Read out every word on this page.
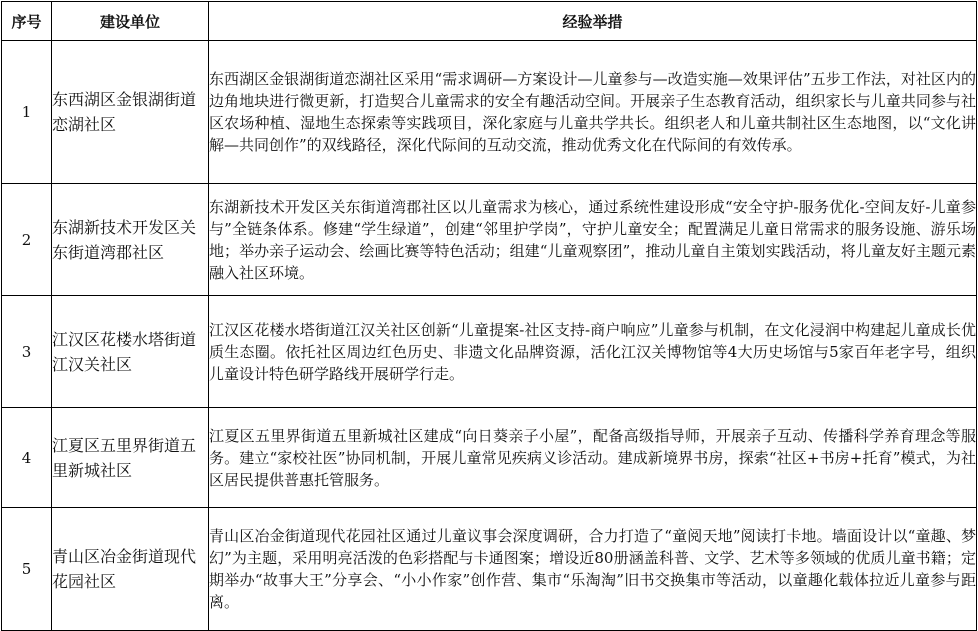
序号	建设单位	经验举措
1	东西湖区金银湖街道恋湖社区	东西湖区金银湖街道恋湖社区采用“需求调研—方案设计—儿童参与—改造实施—效果评估”五步工作法，对社区内的边角地块进行微更新，打造契合儿童需求的安全有趣活动空间。开展亲子生态教育活动，组织家长与儿童共同参与社区农场种植、湿地生态探索等实践项目，深化家庭与儿童共学共长。组织老人和儿童共制社区生态地图，以“文化讲解—共同创作”的双线路径，深化代际间的互动交流，推动优秀文化在代际间的有效传承。
2	东湖新技术开发区关东街道湾郡社区	东湖新技术开发区关东街道湾郡社区以儿童需求为核心，通过系统性建设形成“安全守护-服务优化-空间友好-儿童参与”全链条体系。修建“学生绿道”，创建“邻里护学岗”，守护儿童安全；配置满足儿童日常需求的服务设施、游乐场地；举办亲子运动会、绘画比赛等特色活动；组建“儿童观察团”，推动儿童自主策划实践活动，将儿童友好主题元素融入社区环境。
3	江汉区花楼水塔街道江汉关社区	江汉区花楼水塔街道江汉关社区创新“儿童提案-社区支持-商户响应”儿童参与机制，在文化浸润中构建起儿童成长优质生态圈。依托社区周边红色历史、非遗文化品牌资源，活化江汉关博物馆等4大历史场馆与5家百年老字号，组织儿童设计特色研学路线开展研学行走。
4	江夏区五里界街道五里新城社区	江夏区五里界街道五里新城社区建成“向日葵亲子小屋”，配备高级指导师，开展亲子互动、传播科学养育理念等服务。建立“家校社医”协同机制，开展儿童常见疾病义诊活动。建成新境界书房，探索“社区+书房+托育”模式，为社区居民提供普惠托管服务。
5	青山区冶金街道现代花园社区	青山区冶金街道现代花园社区通过儿童议事会深度调研，合力打造了“童阅天地”阅读打卡地。墙面设计以“童趣、梦幻”为主题，采用明亮活泼的色彩搭配与卡通图案；增设近80册涵盖科普、文学、艺术等多领域的优质儿童书籍；定期举办“故事大王”分享会、“小小作家”创作营、集市“乐淘淘”旧书交换集市等活动，以童趣化载体拉近儿童参与距离。
